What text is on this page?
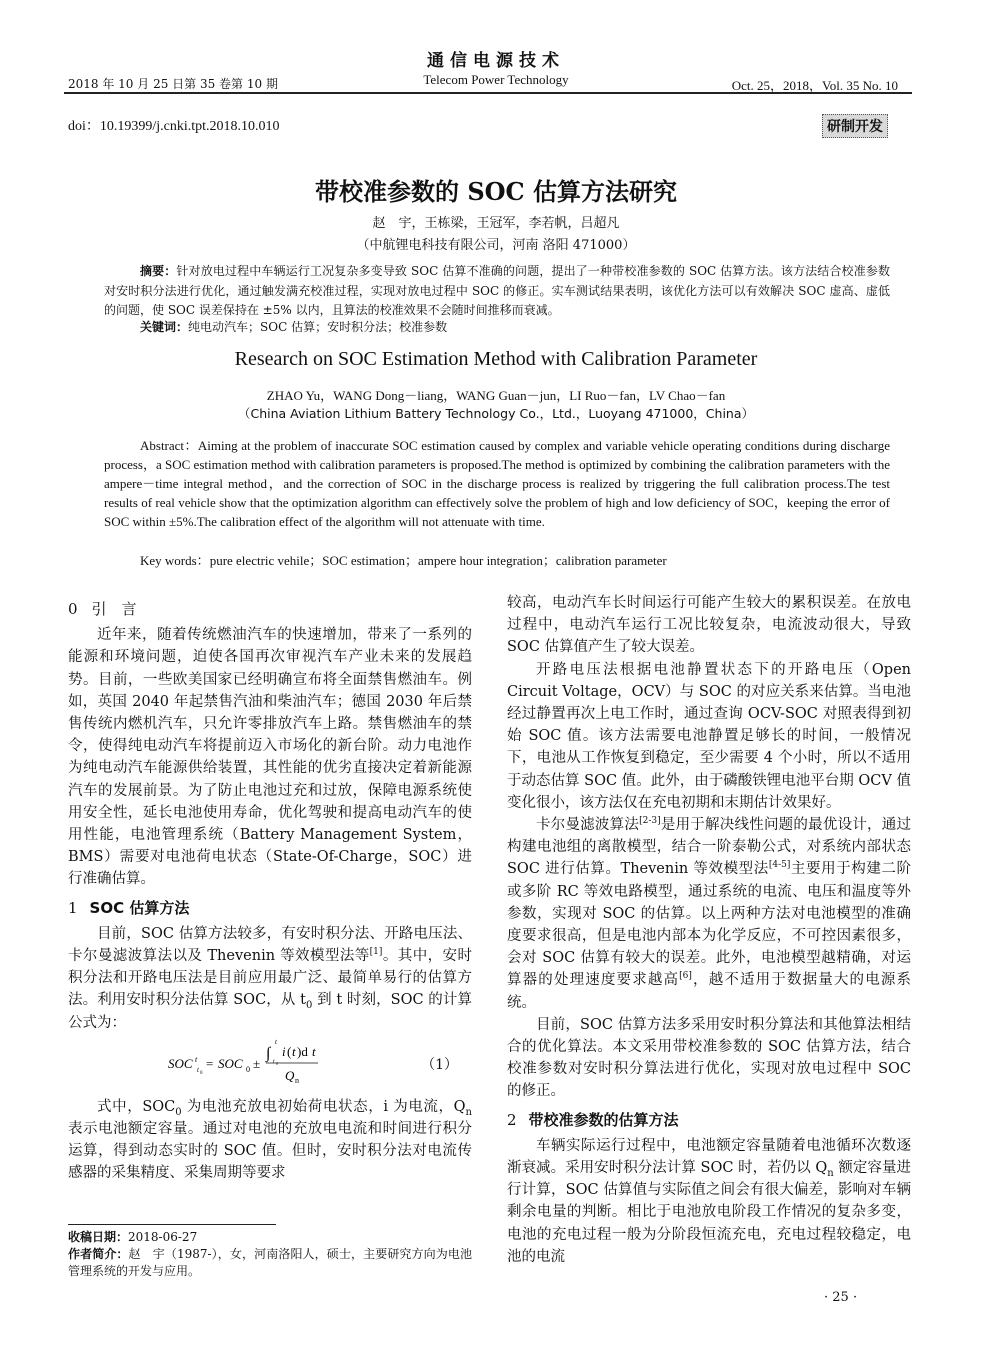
通信电源技术
Telecom Power Technology
2018 年 10 月 25 日第 35 卷第 10 期	Oct. 25，2018，Vol. 35 No. 10
doi：10.19399/j.cnki.tpt.2018.10.010	研制开发
带校准参数的 SOC 估算方法研究
赵　宇，王栋梁，王冠军，李若帆，吕超凡
（中航锂电科技有限公司，河南 洛阳 471000）
摘要：针对放电过程中车辆运行工况复杂多变导致 SOC 估算不准确的问题，提出了一种带校准参数的 SOC 估算方法。该方法结合校准参数对安时积分法进行优化，通过触发满充校准过程，实现对放电过程中 SOC 的修正。实车测试结果表明，该优化方法可以有效解决 SOC 虚高、虚低的问题，使 SOC 误差保持在 ±5% 以内，且算法的校准效果不会随时间推移而衰减。
关键词：纯电动汽车；SOC 估算；安时积分法；校准参数
Research on SOC Estimation Method with Calibration Parameter
ZHAO Yu，WANG Dong－liang，WANG Guan－jun，LI Ruo－fan，LV Chao－fan
（China Aviation Lithium Battery Technology Co.，Ltd.，Luoyang 471000，China）
Abstract：Aiming at the problem of inaccurate SOC estimation caused by complex and variable vehicle operating conditions during discharge process，a SOC estimation method with calibration parameters is proposed.The method is optimized by combining the calibration parameters with the ampere－time integral method，and the correction of SOC in the discharge process is realized by triggering the full calibration process.The test results of real vehicle show that the optimization algorithm can effectively solve the problem of high and low deficiency of SOC，keeping the error of SOC within ±5%.The calibration effect of the algorithm will not attenuate with time.
Key words：pure electric vehile；SOC estimation；ampere hour integration；calibration parameter
0 引　言

近年来，随着传统燃油汽车的快速增加，带来了一系列的能源和环境问题，迫使各国再次审视汽车产业未来的发展趋势。目前，一些欧美国家已经明确宣布将全面禁售燃油车。例如，英国 2040 年起禁售汽油和柴油汽车；德国 2030 年后禁售传统内燃机汽车，只允许零排放汽车上路。禁售燃油车的禁令，使得纯电动汽车将提前迈入市场化的新台阶。动力电池作为纯电动汽车能源供给装置，其性能的优劣直接决定着新能源汽车的发展前景。为了防止电池过充和过放，保障电源系统使用安全性，延长电池使用寿命，优化驾驶和提高电动汽车的使用性能，电池管理系统（Battery Management System，BMS）需要对电池荷电状态（State-Of-Charge，SOC）进行准确估算。

1 SOC 估算方法

目前，SOC 估算方法较多，有安时积分法、开路电压法、卡尔曼滤波算法以及 Thevenin 等效模型法等[1]。其中，安时积分法和开路电压法是目前应用最广泛、最简单易行的估算方法。利用安时积分法估算 SOC，从 $t_0$ 到 t 时刻，SOC 的计算公式为：

SOC t
t 0
= SOC 0 ±
∫
t
t 0
i ( t )d t
Q n
（1）

式中，$SOC_0$ 为电池充放电初始荷电状态，i 为电流，$Q_n$ 表示电池额定容量。通过对电池的充放电电流和时间进行积分运算，得到动态实时的 SOC 值。但时，安时积分法对电流传感器的采集精度、采集周期等要求

较高，电动汽车长时间运行可能产生较大的累积误差。在放电过程中，电动汽车运行工况比较复杂，电流波动很大，导致 SOC 估算值产生了较大误差。

开路电压法根据电池静置状态下的开路电压（Open Circuit Voltage，OCV）与 SOC 的对应关系来估算。当电池经过静置再次上电工作时，通过查询 OCV-SOC 对照表得到初始 SOC 值。该方法需要电池静置足够长的时间，一般情况下，电池从工作恢复到稳定，至少需要 4 个小时，所以不适用于动态估算 SOC 值。此外，由于磷酸铁锂电池平台期 OCV 值变化很小，该方法仅在充电初期和末期估计效果好。

卡尔曼滤波算法[2-3]是用于解决线性问题的最优设计，通过构建电池组的离散模型，结合一阶泰勒公式，对系统内部状态 SOC 进行估算。Thevenin 等效模型法[4-5]主要用于构建二阶或多阶 RC 等效电路模型，通过系统的电流、电压和温度等外参数，实现对 SOC 的估算。以上两种方法对电池模型的准确度要求很高，但是电池内部本为化学反应，不可控因素很多，会对 SOC 估算有较大的误差。此外，电池模型越精确，对运算器的处理速度要求越高[6]，越不适用于数据量大的电源系统。

目前，SOC 估算方法多采用安时积分算法和其他算法相结合的优化算法。本文采用带校准参数的 SOC 估算方法，结合校准参数对安时积分算法进行优化，实现对放电过程中 SOC 的修正。

2 带校准参数的估算方法

车辆实际运行过程中，电池额定容量随着电池循环次数逐渐衰减。采用安时积分法计算 SOC 时，若仍以 $Q_n$ 额定容量进行计算，SOC 估算值与实际值之间会有很大偏差，影响对车辆剩余电量的判断。相比于电池放电阶段工作情况的复杂多变，电池的充电过程一般为分阶段恒流充电，充电过程较稳定，电池的电流

收稿日期：2018-06-27
作者简介：赵　宇（1987-），女，河南洛阳人，硕士，主要研究方向为电池管理系统的开发与应用。
· 25 ·
